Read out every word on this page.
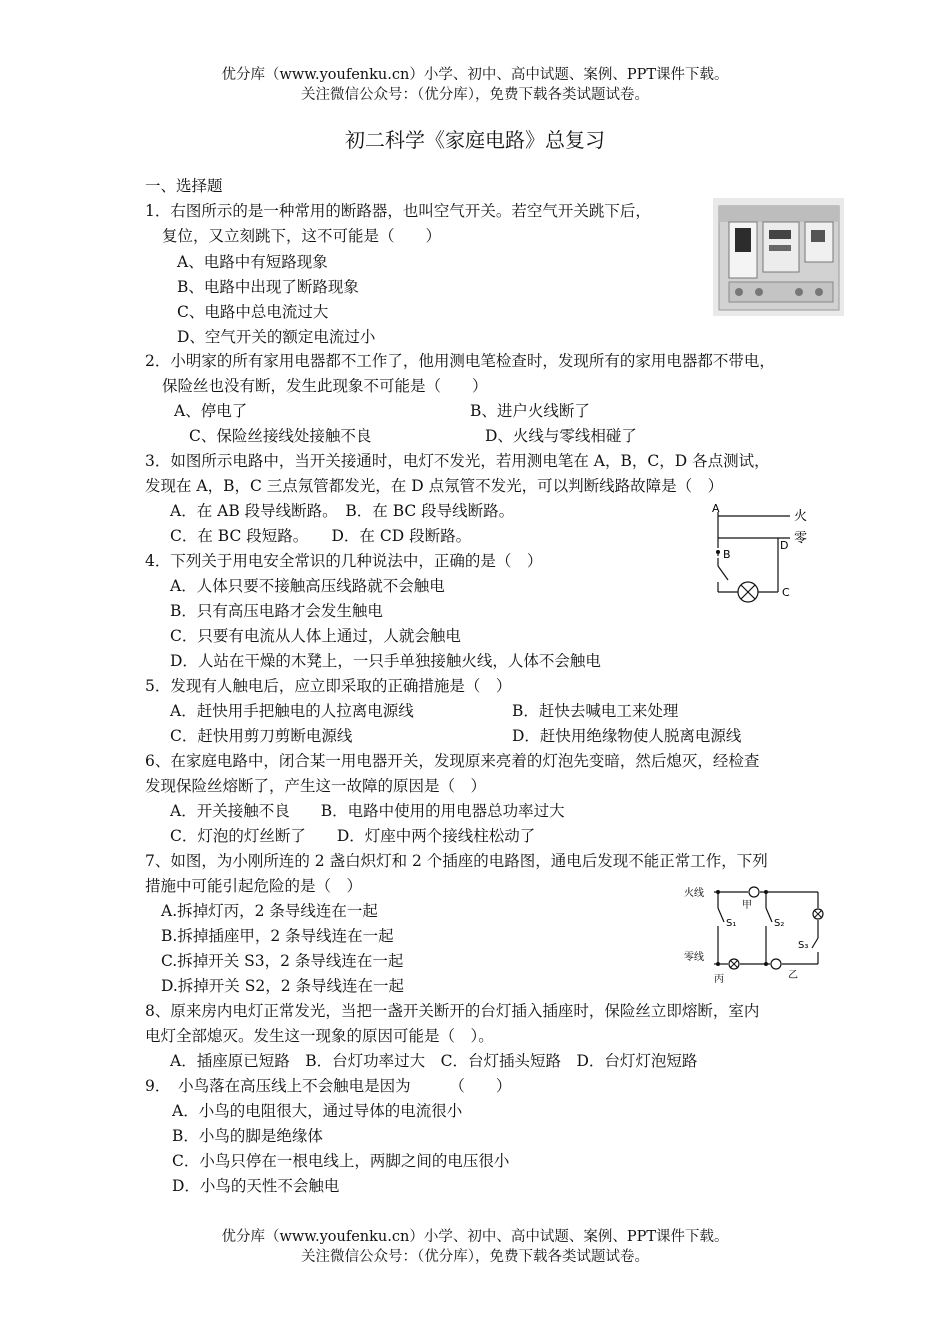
优分库（www.youfenku.cn）小学、初中、高中试题、案例、PPT课件下载。
关注微信公众号：（优分库），免费下载各类试题试卷。
初二科学《家庭电路》总复习
一、选择题
1．右图所示的是一种常用的断路器，也叫空气开关。若空气开关跳下后，
复位，又立刻跳下，这不可能是（　　）
A、电路中有短路现象
B、电路中出现了断路现象
C、电路中总电流过大
D、空气开关的额定电流过小
2．小明家的所有家用电器都不工作了，他用测电笔检查时，发现所有的家用电器都不带电，
保险丝也没有断，发生此现象不可能是（　　）
A、停电了	B、进户火线断了
C、保险丝接线处接触不良	D、火线与零线相碰了
3．如图所示电路中，当开关接通时，电灯不发光，若用测电笔在 A，B，C，D 各点测试，
发现在 A，B，C 三点氖管都发光，在 D 点氖管不发光，可以判断线路故障是（　）
A．在 AB 段导线断路。　B．在 BC 段导线断路。
C．在 BC 段短路。　　D．在 CD 段断路。
A
B
D
C
火
零
4．下列关于用电安全常识的几种说法中，正确的是（　）
A．人体只要不接触高压线路就不会触电
B．只有高压电路才会发生触电
C．只要有电流从人体上通过，人就会触电
D．人站在干燥的木凳上，一只手单独接触火线，人体不会触电
5．发现有人触电后，应立即采取的正确措施是（　）
A．赶快用手把触电的人拉离电源线	B．赶快去喊电工来处理
C．赶快用剪刀剪断电源线	D．赶快用绝缘物使人脱离电源线
6、在家庭电路中，闭合某一用电器开关，发现原来亮着的灯泡先变暗，然后熄灭，经检查
发现保险丝熔断了，产生这一故障的原因是（　）
A．开关接触不良　　B．电路中使用的用电器总功率过大
C．灯泡的灯丝断了　　D．灯座中两个接线柱松动了
7、如图，为小刚所连的 2 盏白炽灯和 2 个插座的电路图，通电后发现不能正常工作，下列
措施中可能引起危险的是（　）
A.拆掉灯丙，2 条导线连在一起
B.拆掉插座甲，2 条导线连在一起
C.拆掉开关 S3，2 条导线连在一起
D.拆掉开关 S2，2 条导线连在一起
火线
零线
甲
S₁	S₂
S₃
丙	乙
8、原来房内电灯正常发光，当把一盏开关断开的台灯插入插座时，保险丝立即熔断，室内
电灯全部熄灭。发生这一现象的原因可能是（　）。
A．插座原已短路　B．台灯功率过大　C．台灯插头短路　D．台灯灯泡短路
9．　小鸟落在高压线上不会触电是因为　　　（　　）
A．小鸟的电阻很大，通过导体的电流很小
B．小鸟的脚是绝缘体
C．小鸟只停在一根电线上，两脚之间的电压很小
D．小鸟的天性不会触电
优分库（www.youfenku.cn）小学、初中、高中试题、案例、PPT课件下载。
关注微信公众号：（优分库），免费下载各类试题试卷。
